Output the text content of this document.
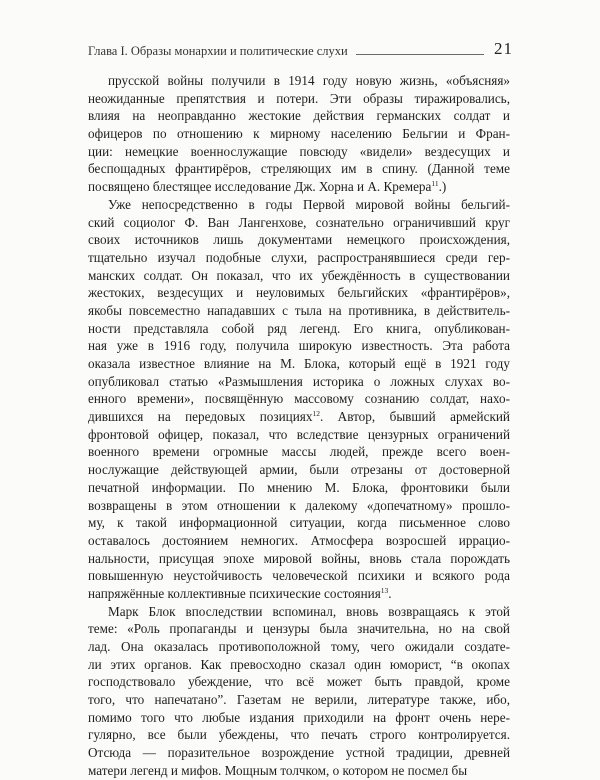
Глава I. Образы монархии и политические слухи	21
прусской войны получили в 1914 году новую жизнь, «объясняя»
неожиданные препятствия и потери. Эти образы тиражировались,
влияя на неоправданно жестокие действия германских солдат и
офицеров по отношению к мирному населению Бельгии и Фран-
ции: немецкие военнослужащие повсюду «видели» вездесущих и
беспощадных франтирёров, стреляющих им в спину. (Данной теме
посвящено блестящее исследование Дж. Хорна и А. Кремера$^{11}$.)
Уже непосредственно в годы Первой мировой войны бельгий-
ский социолог Ф. Ван Лангенхове, сознательно ограничивший круг
своих источников лишь документами немецкого происхождения,
тщательно изучал подобные слухи, распространявшиеся среди гер-
манских солдат. Он показал, что их убеждённость в существовании
жестоких, вездесущих и неуловимых бельгийских «франтирёров»,
якобы повсеместно нападавших с тыла на противника, в действитель-
ности представляла собой ряд легенд. Его книга, опубликован-
ная уже в 1916 году, получила широкую известность. Эта работа
оказала известное влияние на М. Блока, который ещё в 1921 году
опубликовал статью «Размышления историка о ложных слухах во-
енного времени», посвящённую массовому сознанию солдат, нахо-
дившихся на передовых позициях$^{12}$. Автор, бывший армейский
фронтовой офицер, показал, что вследствие цензурных ограничений
военного времени огромные массы людей, прежде всего воен-
нослужащие действующей армии, были отрезаны от достоверной
печатной информации. По мнению М. Блока, фронтовики были
возвращены в этом отношении к далекому «допечатному» прошло-
му, к такой информационной ситуации, когда письменное слово
оставалось достоянием немногих. Атмосфера возросшей иррацио-
нальности, присущая эпохе мировой войны, вновь стала порождать
повышенную неустойчивость человеческой психики и всякого рода
напряжённые коллективные психические состояния$^{13}$.
Марк Блок впоследствии вспоминал, вновь возвращаясь к этой
теме: «Роль пропаганды и цензуры была значительна, но на свой
лад. Она оказалась противоположной тому, чего ожидали создате-
ли этих органов. Как превосходно сказал один юморист, “в окопах
господствовало убеждение, что всё может быть правдой, кроме
того, что напечатано”. Газетам не верили, литературе также, ибо,
помимо того что любые издания приходили на фронт очень нере-
гулярно, все были убеждены, что печать строго контролируется.
Отсюда — поразительное возрождение устной традиции, древней
матери легенд и мифов. Мощным толчком, о котором не посмел бы
